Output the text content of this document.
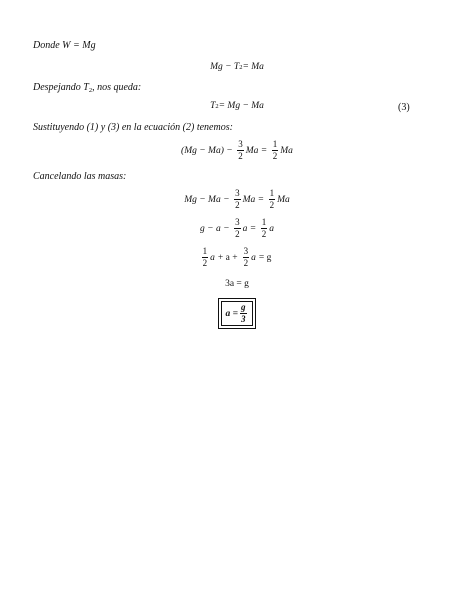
Donde W = Mg
Mg − T 2 = Ma
Despejando $T_2$, nos queda:
T 2 = Mg − Ma	(3)
Sustituyendo (1) y (3) en la ecuación (2) tenemos:
$(Mg - Ma) - \frac{3}{2}$ $Ma = \frac{1}{2}$ Ma
Cancelando las masas:
$Mg - Ma - \frac{3}{2}$ $Ma = \frac{1}{2}$ Ma
$g - a - \frac{3}{2}$ $a = \frac{1}{2}$ a
$\frac{1}{2}$ $a + a + \frac{3}{2}$ a = g
3a = g
$a = \frac{g}{3}$
